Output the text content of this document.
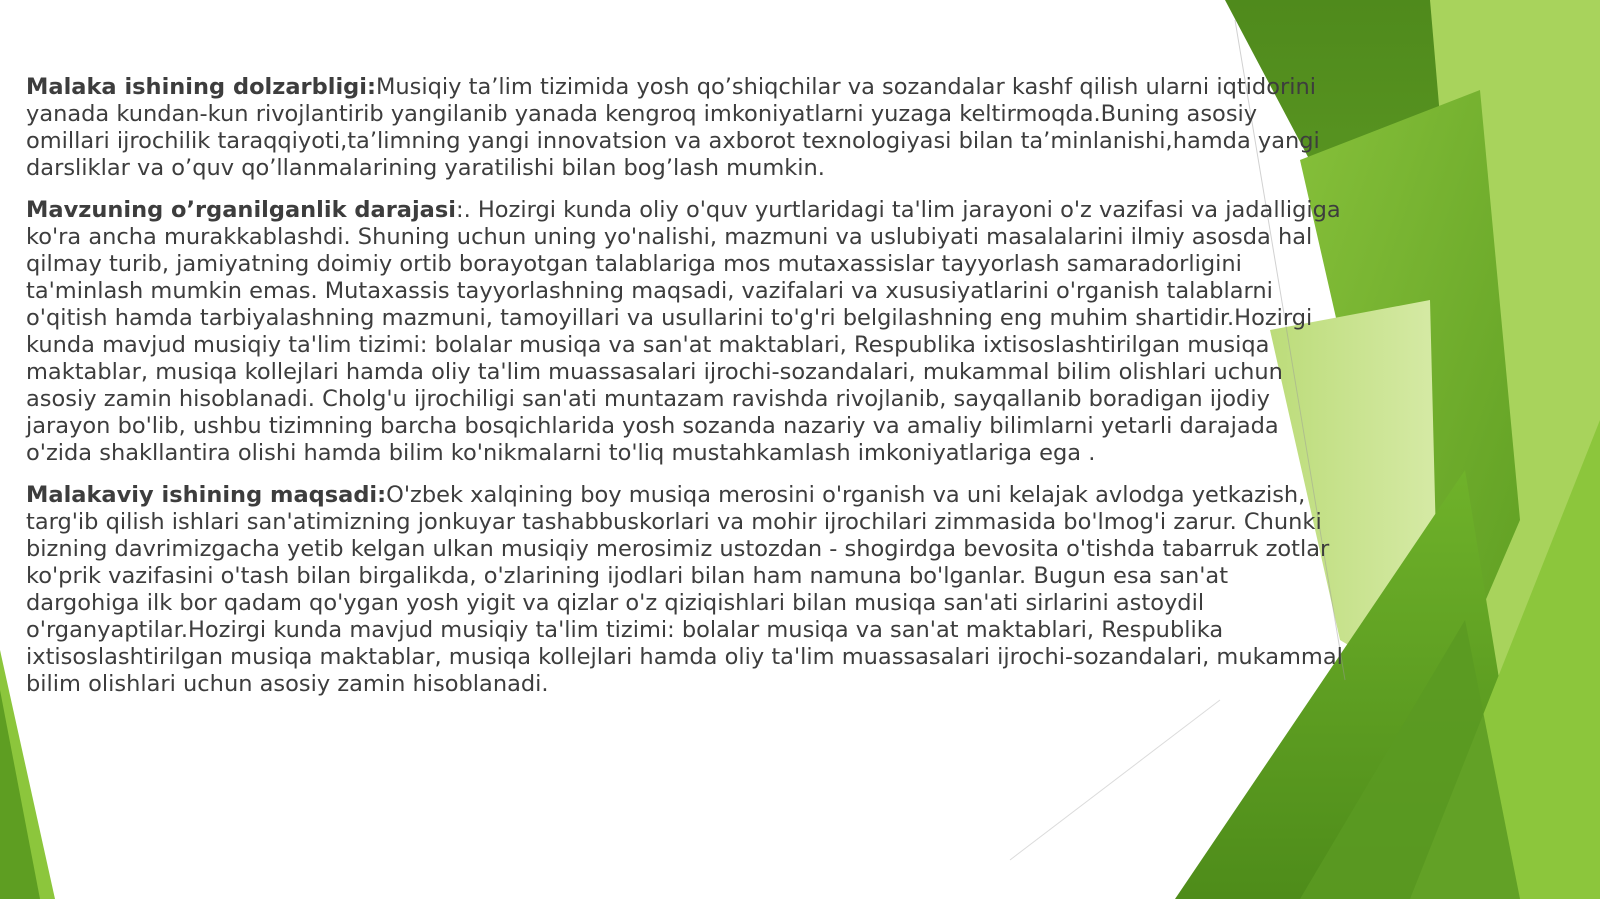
Malaka ishining dolzarbligi:Musiqiy ta’lim tizimida yosh qo’shiqchilar va sozandalar kashf qilish ularni iqtidorini yanada kundan-kun rivojlantirib yangilanib yanada kengroq imkoniyatlarni yuzaga keltirmoqda.Buning asosiy omillari ijrochilik taraqqiyoti,ta’limning yangi innovatsion va axborot texnologiyasi bilan ta’minlanishi,hamda yangi darsliklar va o’quv qo’llanmalarining yaratilishi bilan bog’lash mumkin.

Mavzuning o’rganilganlik darajasi:. Hozirgi kunda oliy o'quv yurtlaridagi ta'lim jarayoni o'z vazifasi va jadalligiga ko'ra ancha murakkablashdi. Shuning uchun uning yo'nalishi, mazmuni va uslubiyati masalalarini ilmiy asosda hal qilmay turib, jamiyatning doimiy ortib borayotgan talablariga mos mutaxassislar tayyorlash samaradorligini ta'minlash mumkin emas. Mutaxassis tayyorlashning maqsadi, vazifalari va xususiyatlarini o'rganish talablarni o'qitish hamda tarbiyalashning mazmuni, tamoyillari va usullarini to'g'ri belgilashning eng muhim shartidir.Hozirgi kunda mavjud musiqiy ta'lim tizimi: bolalar musiqa va san'at maktablari, Respublika ixtisoslashtirilgan musiqa maktablar, musiqa kollejlari hamda oliy ta'lim muassasalari ijrochi-sozandalari, mukammal bilim olishlari uchun asosiy zamin hisoblanadi. Cholg'u ijrochiligi san'ati muntazam ravishda rivojlanib, sayqallanib boradigan ijodiy jarayon bo'lib, ushbu tizimning barcha bosqichlarida yosh sozanda nazariy va amaliy bilimlarni yetarli darajada o'zida shakllantira olishi hamda bilim ko'nikmalarni to'liq mustahkamlash imkoniyatlariga ega .

Malakaviy ishining maqsadi:O'zbek xalqining boy musiqa merosini o'rganish va uni kelajak avlodga yetkazish, targ'ib qilish ishlari san'atimizning jonkuyar tashabbuskorlari va mohir ijrochilari zimmasida bo'lmog'i zarur. Chunki bizning davrimizgacha yetib kelgan ulkan musiqiy merosimiz ustozdan - shogirdga bevosita o'tishda tabarruk zotlar ko'prik vazifasini o'tash bilan birgalikda, o'zlarining ijodlari bilan ham namuna bo'lganlar. Bugun esa san'at dargohiga ilk bor qadam qo'ygan yosh yigit va qizlar o'z qiziqishlari bilan musiqa san'ati sirlarini astoydil o'rganyaptilar.Hozirgi kunda mavjud musiqiy ta'lim tizimi: bolalar musiqa va san'at maktablari, Respublika ixtisoslashtirilgan musiqa maktablar, musiqa kollejlari hamda oliy ta'lim muassasalari ijrochi-sozandalari, mukammal bilim olishlari uchun asosiy zamin hisoblanadi.
